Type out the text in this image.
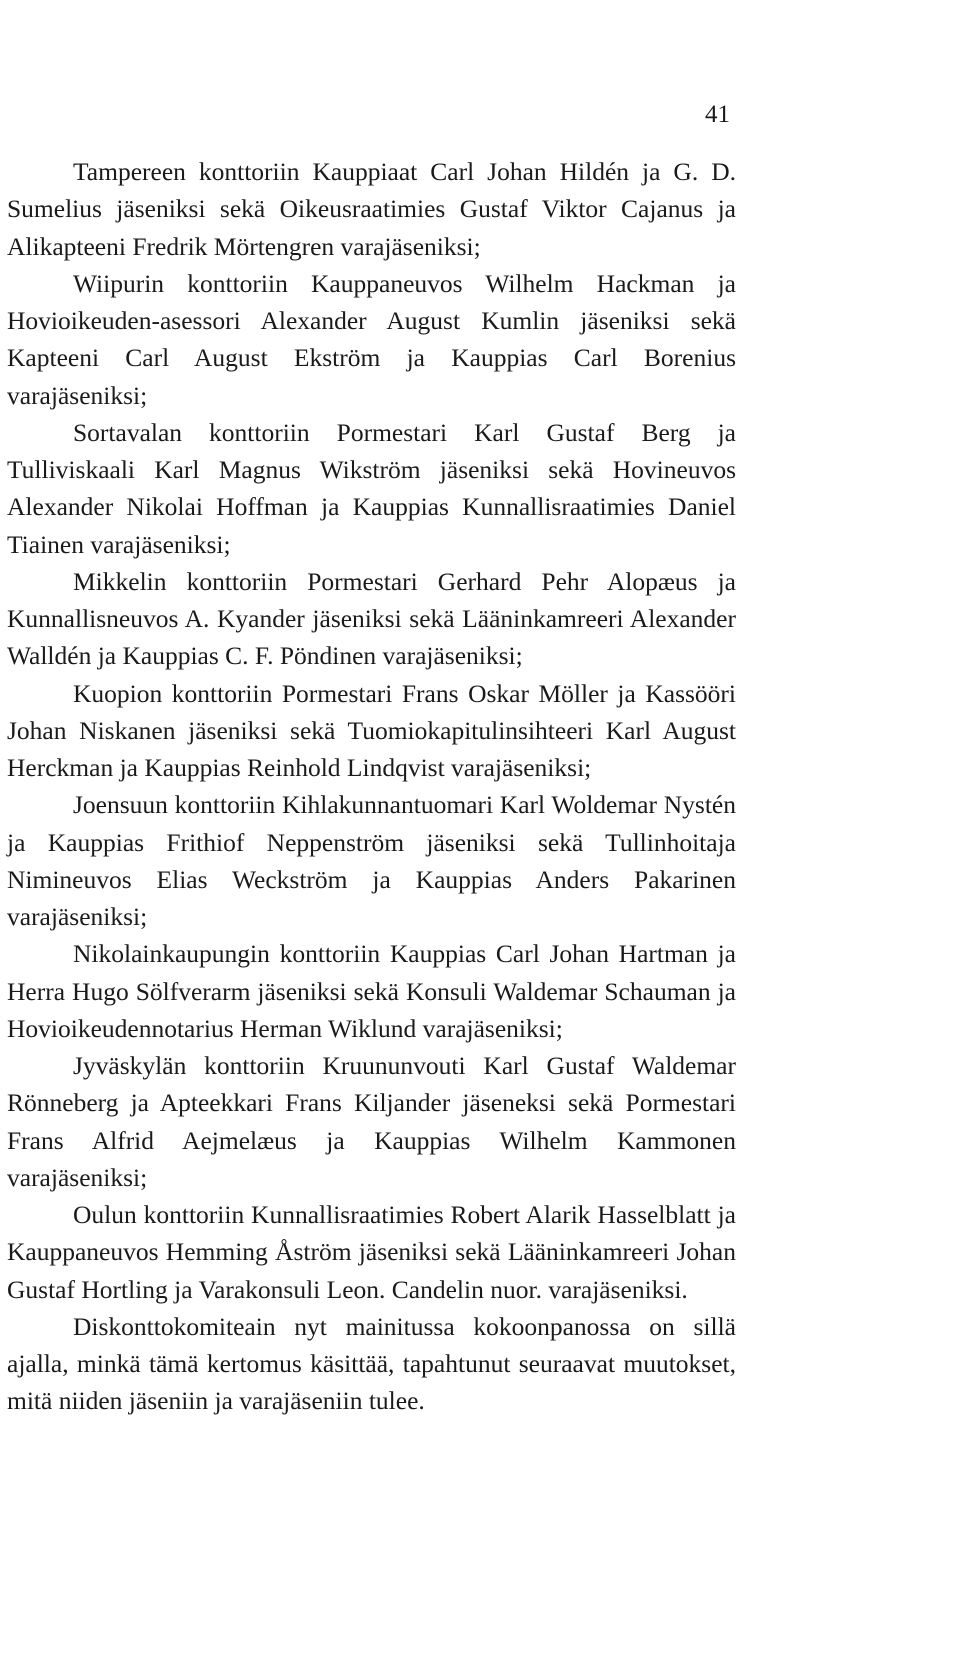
41

Tampereen konttoriin Kauppiaat Carl Johan Hildén ja G. D. Sumelius jäseniksi sekä Oikeusraatimies Gustaf Viktor Cajanus ja Alikapteeni Fredrik Mörtengren varajäseniksi;

Wiipurin konttoriin Kauppaneuvos Wilhelm Hackman ja Hovioikeuden-asessori Alexander August Kumlin jäseniksi sekä Kapteeni Carl August Ekström ja Kauppias Carl Borenius varajäseniksi;

Sortavalan konttoriin Pormestari Karl Gustaf Berg ja Tulliviskaali Karl Magnus Wikström jäseniksi sekä Hovineuvos Alexander Nikolai Hoffman ja Kauppias Kunnallisraatimies Daniel Tiainen varajäseniksi;

Mikkelin konttoriin Pormestari Gerhard Pehr Alopæus ja Kunnallisneuvos A. Kyander jäseniksi sekä Lääninkamreeri Alexander Walldén ja Kauppias C. F. Pöndinen varajäseniksi;

Kuopion konttoriin Pormestari Frans Oskar Möller ja Kassööri Johan Niskanen jäseniksi sekä Tuomiokapitulinsihteeri Karl August Herckman ja Kauppias Reinhold Lindqvist varajäseniksi;

Joensuun konttoriin Kihlakunnantuomari Karl Woldemar Nystén ja Kauppias Frithiof Neppenström jäseniksi sekä Tullinhoitaja Nimineuvos Elias Weckström ja Kauppias Anders Pakarinen varajäseniksi;

Nikolainkaupungin konttoriin Kauppias Carl Johan Hartman ja Herra Hugo Sölfverarm jäseniksi sekä Konsuli Waldemar Schauman ja Hovioikeudennotarius Herman Wiklund varajäseniksi;

Jyväskylän konttoriin Kruununvouti Karl Gustaf Waldemar Rönneberg ja Apteekkari Frans Kiljander jäseneksi sekä Pormestari Frans Alfrid Aejmelæus ja Kauppias Wilhelm Kammonen varajäseniksi;

Oulun konttoriin Kunnallisraatimies Robert Alarik Hasselblatt ja Kauppaneuvos Hemming Åström jäseniksi sekä Lääninkamreeri Johan Gustaf Hortling ja Varakonsuli Leon. Candelin nuor. varajäseniksi.

Diskonttokomiteain nyt mainitussa kokoonpanossa on sillä ajalla, minkä tämä kertomus käsittää, tapahtunut seuraavat muutokset, mitä niiden jäseniin ja varajäseniin tulee.
